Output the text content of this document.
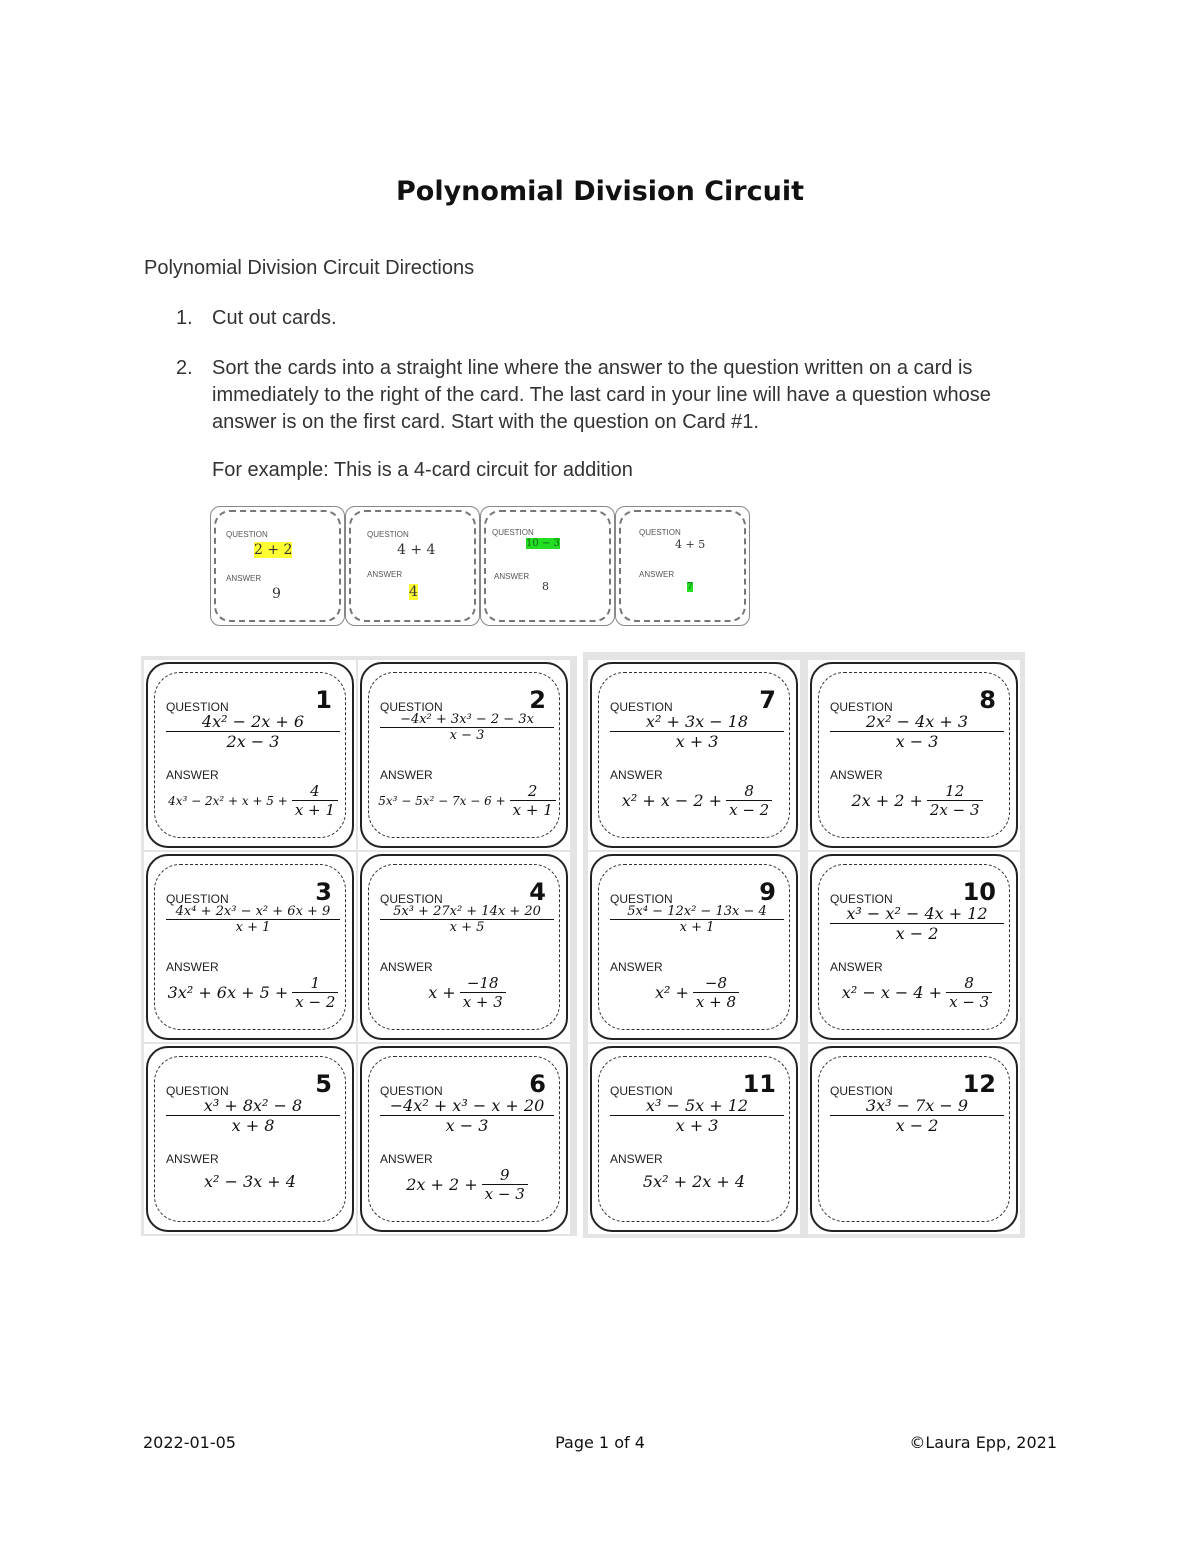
Polynomial Division Circuit
Polynomial Division Circuit Directions
1. Cut out cards.
2. Sort the cards into a straight line where the answer to the question written on a card is immediately to the right of the card. The last card in your line will have a question whose answer is on the first card. Start with the question on Card #1.
For example: This is a 4-card circuit for addition
QUESTION
2 + 2
ANSWER
9
QUESTION
4 + 4
ANSWER
4
QUESTION
10 − 3
ANSWER
8
QUESTION
4 + 5
ANSWER
7
QUESTION	1
$\frac{\text{4x² − 2x + 6}}{2x - 3}$
ANSWER
$4x^3 - 2x^2 + x + 5 + \frac{4}{x + 1}$
QUESTION	2
$\frac{\text{−4x² + 3x³ − 2 − 3x}}{x - 3}$
ANSWER
$5x^3 - 5x^2 - 7x - 6 + \frac{2}{x + 1}$
QUESTION	3
$\frac{\text{4x⁴ + 2x³ − x² + 6x + 9}}{x + 1}$
ANSWER
$3x^2 + 6x + 5 + \frac{1}{x - 2}$
QUESTION	4
$\frac{\text{5x³ + 27x² + 14x + 20}}{x + 5}$
ANSWER
$x + \frac{-18}{x + 3}$
QUESTION	5
$\frac{\text{x³ + 8x² − 8}}{x + 8}$
ANSWER
x² − 3x + 4
QUESTION	6
$\frac{\text{−4x² + x³ − x + 20}}{x - 3}$
ANSWER
$2x + 2 + \frac{9}{x - 3}$
QUESTION	7
$\frac{\text{x² + 3x − 18}}{x + 3}$
ANSWER
$x^2 + x - 2 + \frac{8}{x - 2}$
QUESTION	8
$\frac{\text{2x² − 4x + 3}}{x - 3}$
ANSWER
$2x + 2 + \frac{12}{2x - 3}$
QUESTION	9
$\frac{\text{5x⁴ − 12x² − 13x − 4}}{x + 1}$
ANSWER
$x^2 + \frac{-8}{x + 8}$
QUESTION	10
$\frac{\text{x³ − x² − 4x + 12}}{x - 2}$
ANSWER
$x^2 - x - 4 + \frac{8}{x - 3}$
QUESTION	11
$\frac{\text{x³ − 5x + 12}}{x + 3}$
ANSWER
5x² + 2x + 4
QUESTION	12
$\frac{\text{3x³ − 7x − 9}}{x - 2}$
2022-01-05	Page 1 of 4	©Laura Epp, 2021
